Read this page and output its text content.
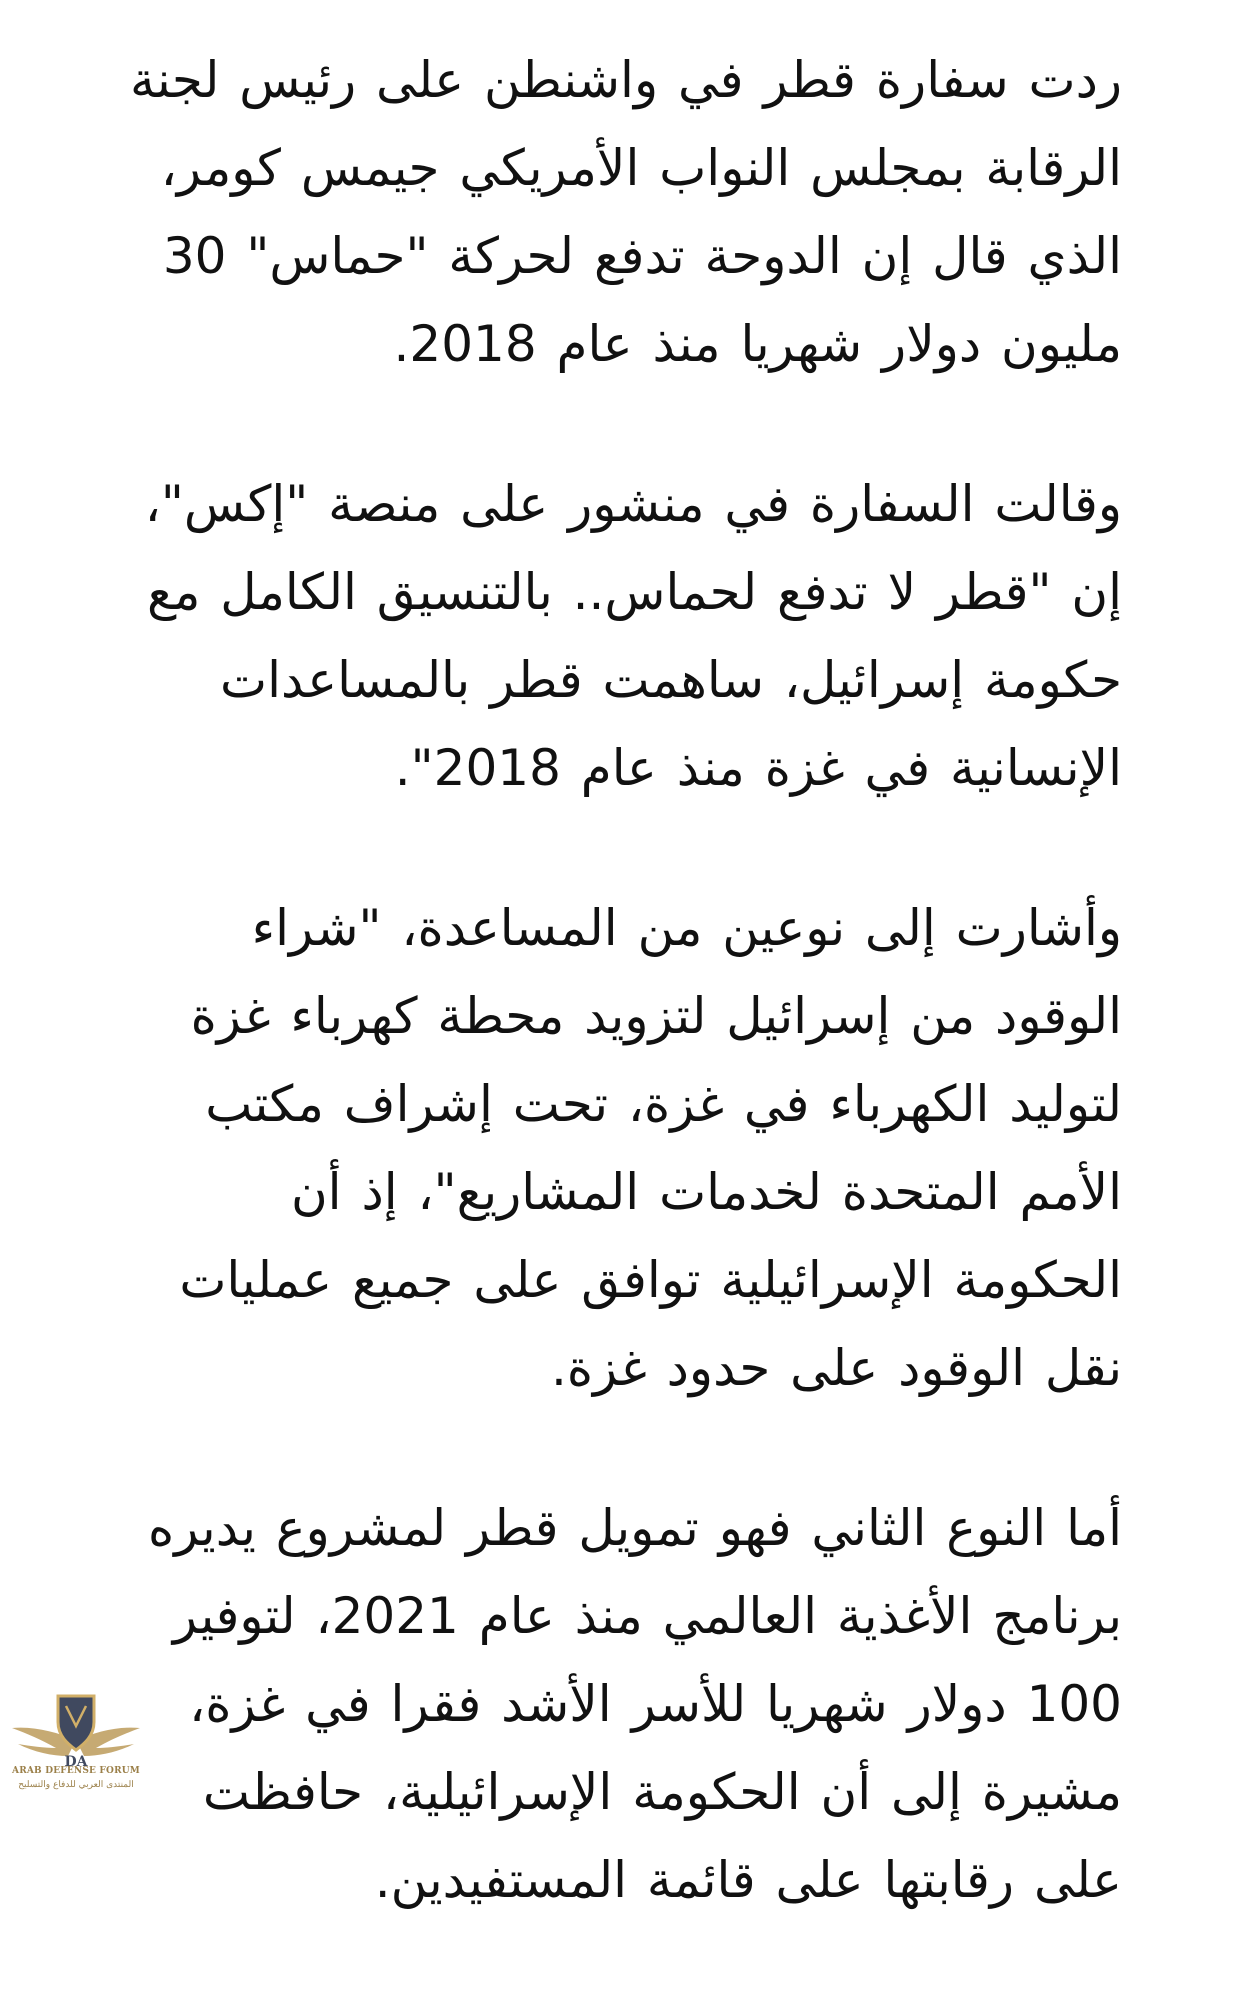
ردت سفارة قطر في واشنطن على رئيس لجنة الرقابة بمجلس النواب الأمريكي جيمس كومر، الذي قال إن الدوحة تدفع لحركة "حماس" 30 مليون دولار شهريا منذ عام 2018.

وقالت السفارة في منشور على منصة "إكس"، إن "قطر لا تدفع لحماس.. بالتنسيق الكامل مع حكومة إسرائيل، ساهمت قطر بالمساعدات الإنسانية في غزة منذ عام 2018".

وأشارت إلى نوعين من المساعدة، "شراء الوقود من إسرائيل لتزويد محطة كهرباء غزة لتوليد الكهرباء في غزة، تحت إشراف مكتب الأمم المتحدة لخدمات المشاريع"، إذ أن الحكومة الإسرائيلية توافق على جميع عمليات نقل الوقود على حدود غزة.

أما النوع الثاني فهو تمويل قطر لمشروع يديره برنامج الأغذية العالمي منذ عام 2021، لتوفير 100 دولار شهريا للأسر الأشد فقرا في غزة، مشيرة إلى أن الحكومة الإسرائيلية، حافظت على رقابتها على قائمة المستفيدين.

DA
ARAB DEFENSE FORUM
المنتدى العربي للدفاع والتسليح
